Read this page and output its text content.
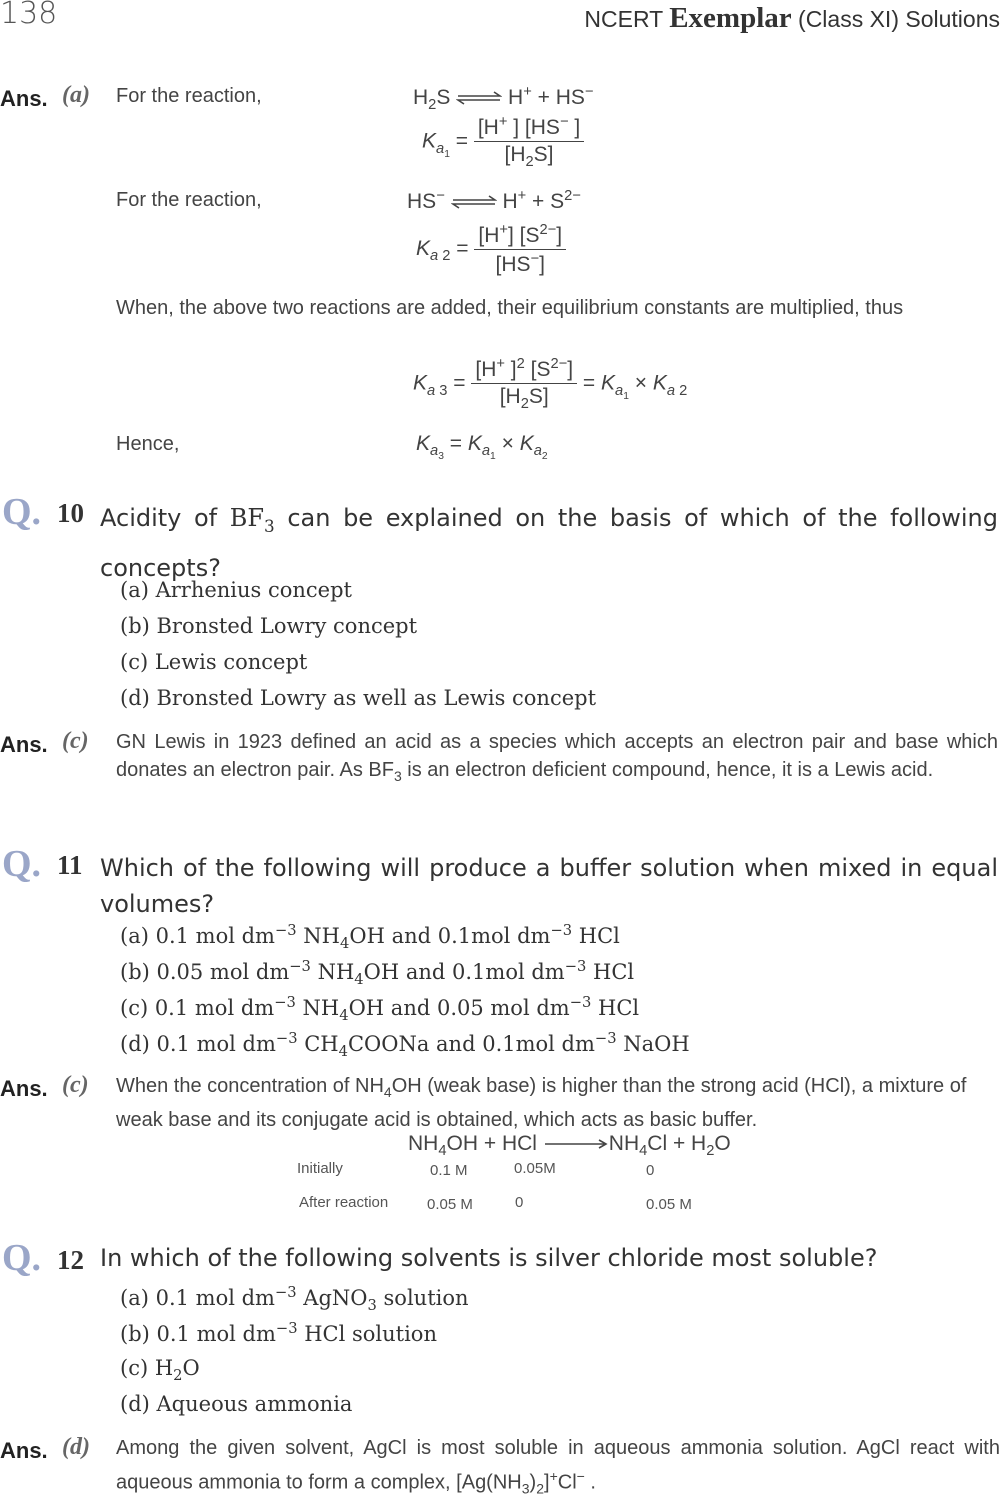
138	NCERT Exemplar (Class XI) Solutions
Ans. (a) For the reaction,	$H_2S$ ⇌ H+ + HS−
$K_{a_1} = \frac{[H^+ ] [HS^- ]}{[H_2S]}$
For the reaction,	HS− ⇌ $H^+ + S^{2-}$
$K_{a 2} = \frac{[H^+] [S^{2-}]}{[HS^-]}$
When, the above two reactions are added, their equilibrium constants are multiplied, thus
$K_{a 3} = \frac{[H^+ ]^2 [S^{2-}]}{[H_2S]} = K_{a_1} \times K_{a 2}$
Hence,	$K_{a_3} = K_{a_1} \times K_{a_2}$
Q. 10 Acidity of $BF_3$ can be explained on the basis of which of the following concepts?
(a) Arrhenius concept
(b) Bronsted Lowry concept
(c) Lewis concept
(d) Bronsted Lowry as well as Lewis concept
Ans. (c) GN Lewis in 1923 defined an acid as a species which accepts an electron pair and base which donates an electron pair. As $BF_3$ is an electron deficient compound, hence, it is a Lewis acid.
Q. 11 Which of the following will produce a buffer solution when mixed in equal volumes?
(a) 0.1 mol $dm^{-3}$ $NH_4OH$ and 0.1mol $dm^{-3}$ HCl
(b) 0.05 mol $dm^{-3}$ $NH_4OH$ and 0.1mol $dm^{-3}$ HCl
(c) 0.1 mol $dm^{-3}$ $NH_4OH$ and 0.05 mol $dm^{-3}$ HCl
(d) 0.1 mol $dm^{-3}$ $CH_4COONa$ and 0.1mol $dm^{-3}$ NaOH
Ans. (c) When the concentration of $NH_4OH$ (weak base) is higher than the strong acid (HCl), a mixture of weak base and its conjugate acid is obtained, which acts as basic buffer.
$NH_4OH$ + HCl $\to NH_4Cl + H_2O$
Initially	0.1 M	0.05M	0
After reaction	0.05 M	0	0.05 M
Q. 12 In which of the following solvents is silver chloride most soluble?
(a) 0.1 mol $dm^{-3}$ AgNO$_3$ solution
(b) 0.1 mol $dm^{-3}$ HCl solution
(c) $H_2O$
(d) Aqueous ammonia
Ans. (d) Among the given solvent, AgCl is most soluble in aqueous ammonia solution. AgCl react with aqueous ammonia to form a complex, $[Ag(NH_3)_2]^+Cl^-$ .
